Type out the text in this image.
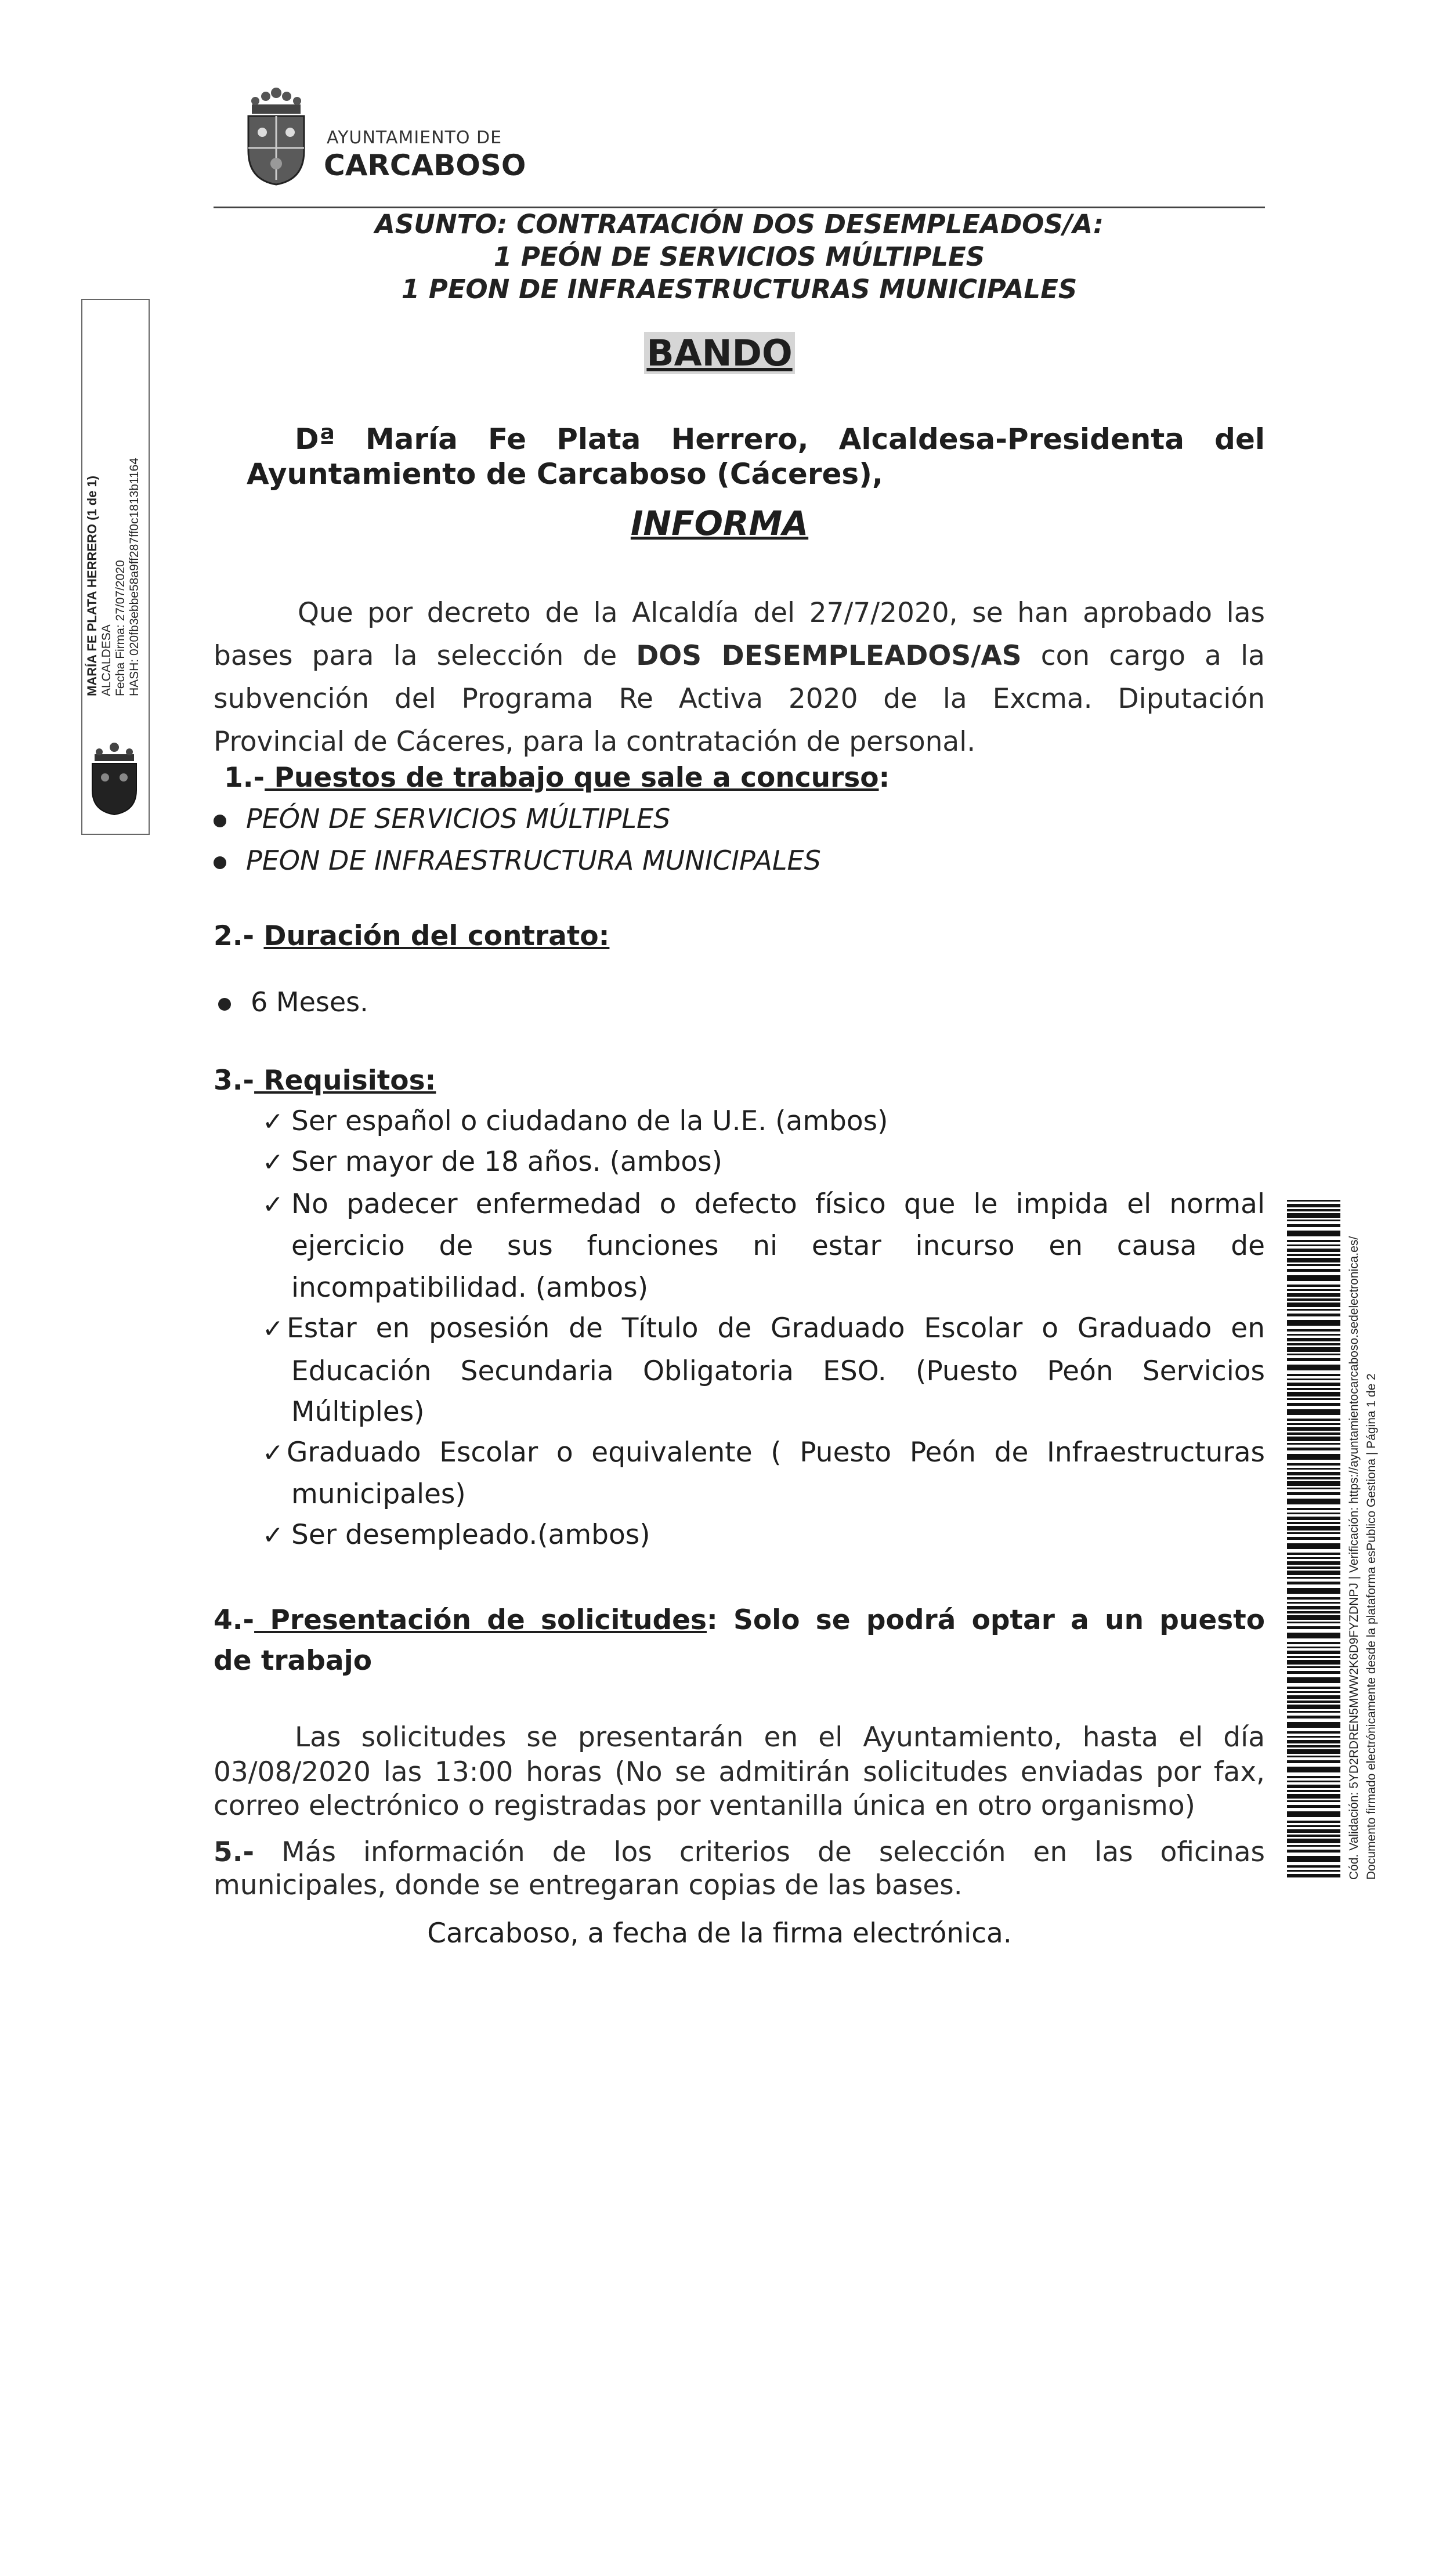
AYUNTAMIENTO DE
CARCABOSO
ASUNTO: CONTRATACIÓN DOS DESEMPLEADOS/A:
1 PEÓN DE SERVICIOS MÚLTIPLES
1 PEON DE INFRAESTRUCTURAS MUNICIPALES
BANDO
Dª María Fe Plata Herrero, Alcaldesa-Presidenta del
Ayuntamiento de Carcaboso (Cáceres),
INFORMA
Que por decreto de la Alcaldía del 27/7/2020, se han aprobado las
bases para la selección de DOS DESEMPLEADOS/AS con cargo a la
subvención del Programa Re Activa 2020 de la Excma. Diputación
Provincial de Cáceres, para la contratación de personal.
1.- Puestos de trabajo que sale a concurso:
PEÓN DE SERVICIOS MÚLTIPLES
PEON DE INFRAESTRUCTURA MUNICIPALES
2.- Duración del contrato:
6 Meses.
3.- Requisitos:
✓ Ser español o ciudadano de la U.E. (ambos)
✓ Ser mayor de 18 años. (ambos)
✓ No padecer enfermedad o defecto físico que le impida el normal
ejercicio de sus funciones ni estar incurso en causa de
incompatibilidad. (ambos)
✓ Estar en posesión de Título de Graduado Escolar o Graduado en
Educación Secundaria Obligatoria ESO. (Puesto Peón Servicios
Múltiples)
✓ Graduado Escolar o equivalente ( Puesto Peón de Infraestructuras
municipales)
✓ Ser desempleado.(ambos)
4.- Presentación de solicitudes: Solo se podrá optar a un puesto
de trabajo
Las solicitudes se presentarán en el Ayuntamiento, hasta el día
03/08/2020 las 13:00 horas (No se admitirán solicitudes enviadas por fax,
correo electrónico o registradas por ventanilla única en otro organismo)
5.- Más información de los criterios de selección en las oficinas
municipales, donde se entregaran copias de las bases.
Carcaboso, a fecha de la firma electrónica.
MARÍA FE PLATA HERRERO (1 de 1) ALCALDESA Fecha Firma: 27/07/2020 HASH: 020fb3ebbe58a9ff287ff0c1813b1164
Cód. Validación: 5YD2RDREN5MWW2K6D9FYZDNPJ | Verificación: https://ayuntamientocarcaboso.sedelectronica.es/ Documento firmado electrónicamente desde la plataforma esPublico Gestiona | Página 1 de 2
